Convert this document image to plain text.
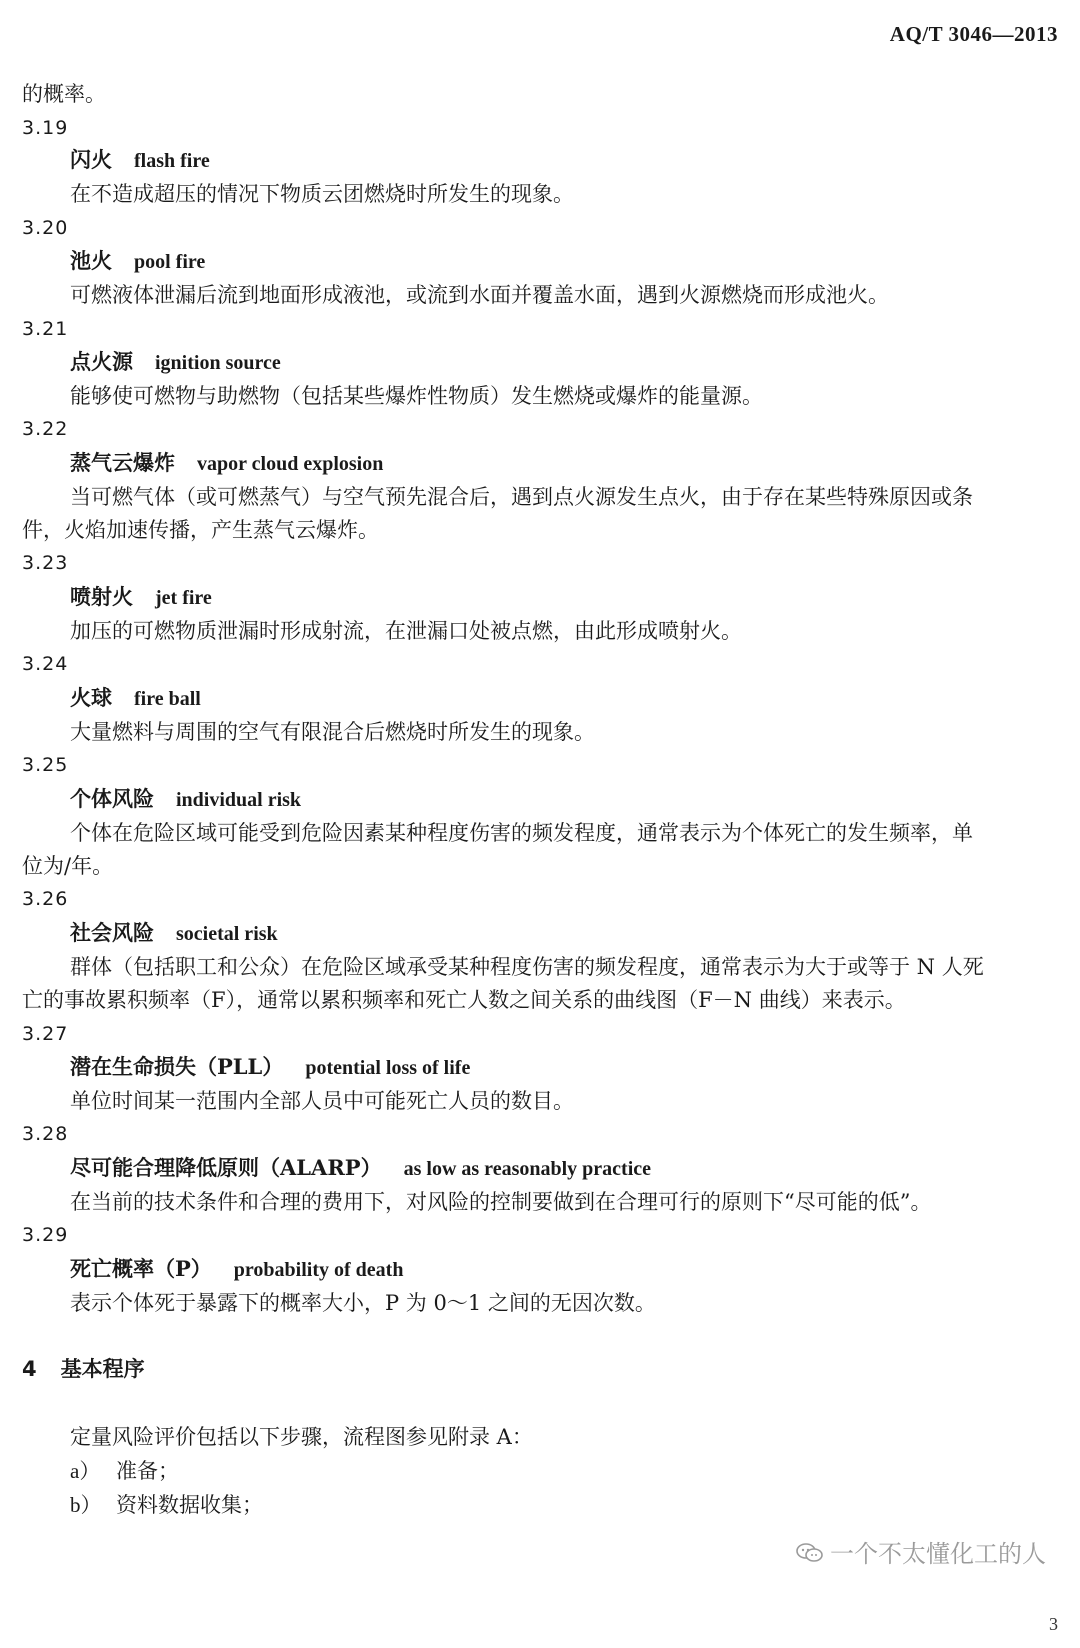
AQ/T 3046—2013
的概率。
3.19
闪火 flash fire
在不造成超压的情况下物质云团燃烧时所发生的现象。
3.20
池火 pool fire
可燃液体泄漏后流到地面形成液池，或流到水面并覆盖水面，遇到火源燃烧而形成池火。
3.21
点火源 ignition source
能够使可燃物与助燃物（包括某些爆炸性物质）发生燃烧或爆炸的能量源。
3.22
蒸气云爆炸 vapor cloud explosion
当可燃气体（或可燃蒸气）与空气预先混合后，遇到点火源发生点火，由于存在某些特殊原因或条
件，火焰加速传播，产生蒸气云爆炸。
3.23
喷射火 jet fire
加压的可燃物质泄漏时形成射流，在泄漏口处被点燃，由此形成喷射火。
3.24
火球 fire ball
大量燃料与周围的空气有限混合后燃烧时所发生的现象。
3.25
个体风险 individual risk
个体在危险区域可能受到危险因素某种程度伤害的频发程度，通常表示为个体死亡的发生频率，单
位为/年。
3.26
社会风险 societal risk
群体（包括职工和公众）在危险区域承受某种程度伤害的频发程度，通常表示为大于或等于 N 人死
亡的事故累积频率（F），通常以累积频率和死亡人数之间关系的曲线图（F－N 曲线）来表示。
3.27
潜在生命损失（PLL） potential loss of life
单位时间某一范围内全部人员中可能死亡人员的数目。
3.28
尽可能合理降低原则（ALARP） as low as reasonably practice
在当前的技术条件和合理的费用下，对风险的控制要做到在合理可行的原则下“尽可能的低”。
3.29
死亡概率（P） probability of death
表示个体死于暴露下的概率大小，P 为 0～1 之间的无因次数。
4 基本程序
定量风险评价包括以下步骤，流程图参见附录 A：
a） 准备；
b） 资料数据收集；
一个不太懂化工的人
3
